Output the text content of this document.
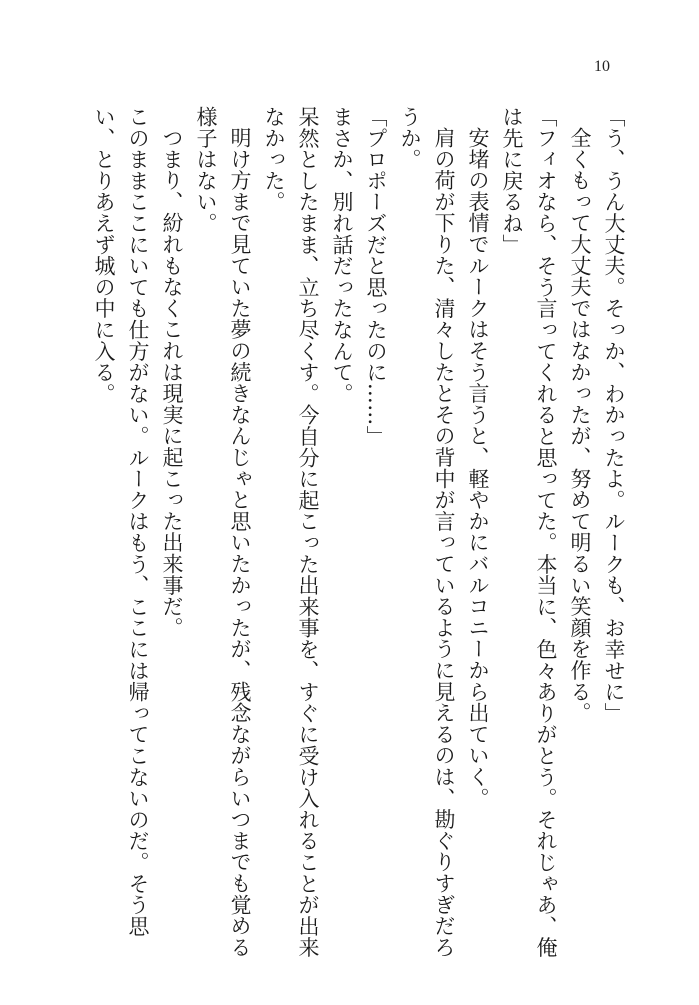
10

「う、うん大丈夫。そっか、わかったよ。ルークも、お幸せに」

全くもって大丈夫ではなかったが、努めて明るい笑顔を作る。

「フィオなら、そう言ってくれると思ってた。本当に、色々ありがとう。それじゃあ、俺は先に戻るね」

安堵の表情でルークはそう言うと、軽やかにバルコニーから出ていく。

肩の荷が下りた、清々したとその背中が言っているように見えるのは、勘ぐりすぎだろうか。

「プロポーズだと思ったのに……」

まさか、別れ話だったなんて。

呆然としたまま、立ち尽くす。今自分に起こった出来事を、すぐに受け入れることが出来なかった。

明け方まで見ていた夢の続きなんじゃと思いたかったが、残念ながらいつまでも覚める様子はない。

つまり、紛れもなくこれは現実に起こった出来事だ。

このままここにいても仕方がない。ルークはもう、ここには帰ってこないのだ。そう思い、とりあえず城の中に入る。
